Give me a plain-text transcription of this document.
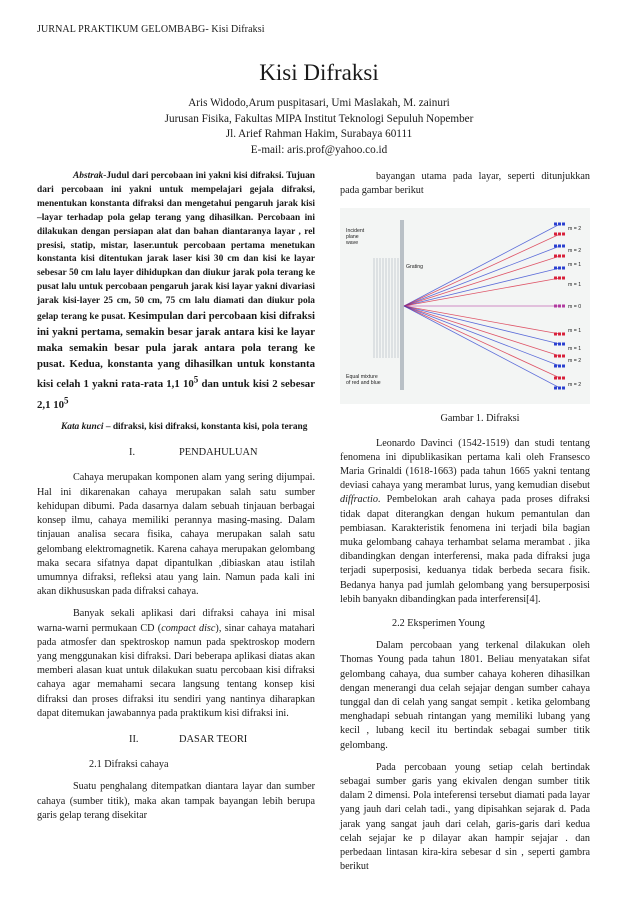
JURNAL PRAKTIKUM GELOMBABG- Kisi Difraksi
Kisi Difraksi
Aris Widodo,Arum puspitasari, Umi Maslakah, M. zainuri
Jurusan Fisika, Fakultas MIPA Institut Teknologi Sepuluh Nopember
Jl. Arief Rahman Hakim, Surabaya 60111
E-mail: aris.prof@yahoo.co.id

Abstrak-Judul dari percobaan ini yakni kisi difraksi. Tujuan dari percobaan ini yakni untuk mempelajari gejala difraksi, menentukan konstanta difraksi dan mengetahui pengaruh jarak kisi –layar terhadap pola gelap terang yang dihasilkan. Percobaan ini dilakukan dengan persiapan alat dan bahan diantaranya layar , rel presisi, statip, mistar, laser.untuk percobaan pertama menetukan konstanta kisi ditentukan jarak laser kisi 30 cm dan kisi ke layar sebesar 50 cm lalu layer dihidupkan dan diukur jarak pola terang ke pusat lalu untuk percobaan pengaruh jarak kisi layar yakni divariasi jarak kisi-layer 25 cm, 50 cm, 75 cm lalu diamati dan diukur pola gelap terang ke pusat. Kesimpulan dari percobaan kisi difraksi ini yakni pertama, semakin besar jarak antara kisi ke layar maka semakin besar pula jarak antara pola terang ke pusat. Kedua, konstanta yang dihasilkan untuk konstanta kisi celah 1 yakni rata-rata 1,1 $10^5$ dan untuk kisi 2 sebesar 2,1 $10^5$

Kata kunci – difraksi, kisi difraksi, konstanta kisi, pola terang

I.	PENDAHULUAN

Cahaya merupakan komponen alam yang sering dijumpai. Hal ini dikarenakan cahaya merupakan salah satu sumber kehidupan dibumi. Pada dasarnya dalam sebuah tinjauan berbagai konsep ilmu, cahaya memiliki perannya masing-masing. Dalam tinjauan analisa secara fisika, cahaya merupakan salah satu gelombang elektromagnetik. Karena cahaya merupakan gelombang maka secara sifatnya dapat dipantulkan ,dibiaskan atau istilah umumnya difraksi, refleksi atau yang lain. Namun pada kali ini akan dikhususkan pada difraksi cahaya.

Banyak sekali aplikasi dari difraksi cahaya ini misal warna-warni permukaan CD (compact disc), sinar cahaya matahari pada atmosfer dan spektroskop namun pada spektroskop modern yang menggunakan kisi difraksi. Dari beberapa aplikasi diatas akan memberi alasan kuat untuk dilakukan suatu percobaan kisi difraksi cahaya agar memahami secara langsung tentang konsep kisi difraksi dan proses difraksi itu sendiri yang nantinya diharapkan dapat ditemukan jawabannya pada praktikum kisi difraksi ini.

II.	DASAR TEORI

2.1 Difraksi cahaya

Suatu penghalang ditempatkan diantara layar dan sumber cahaya (sumber titik), maka akan tampak bayangan lebih berupa garis gelap terang disekitar

bayangan utama pada layar, seperti ditunjukkan pada gambar berikut

m = 2
m = 2
m = 1
m = 1
m = 0
m = 1
m = 1
m = 2
m = 2
Incident plane wave
Grating
Equal mixture of red and blue

Gambar 1. Difraksi

Leonardo Davinci (1542-1519) dan studi tentang fenomena ini dipublikasikan pertama kali oleh Fransesco Maria Grinaldi (1618-1663) pada tahun 1665 yakni tentang deviasi cahaya yang merambat lurus, yang kemudian disebut diffractio. Pembelokan arah cahaya pada proses difraksi tidak dapat diterangkan dengan hukum pemantulan dan pembiasan. Karakteristik fenomena ini terjadi bila bagian muka gelombang cahaya terhambat selama merambat . jika dibandingkan dengan interferensi, maka pada difraksi juga terjadi superposisi, keduanya tidak berbeda secara fisik. Bedanya hanya pad jumlah gelombang yang bersuperposisi lebih banyakn dibandingkan pada interferensi[4].

2.2 Eksperimen Young

Dalam percobaan yang terkenal dilakukan oleh Thomas Young pada tahun 1801. Beliau menyatakan sifat gelombang cahaya, dua sumber cahaya koheren dihasilkan dengan menerangi dua celah sejajar dengan sumber cahaya tunggal dan di celah yang sangat sempit . ketika gelombang menghadapi sebuah rintangan yang memiliki lubang yang kecil , lubang kecil itu bertindak sebagai sumber titik gelombang.

Pada percobaan young setiap celah bertindak sebagai sumber garis yang ekivalen dengan sumber titik dalam 2 dimensi. Pola inteferensi tersebut diamati pada layar yang jauh dari celah tadi., yang dipisahkan sejarak d. Pada jarak yang sangat jauh dari celah, garis-garis dari kedua celah sejajar ke p dilayar akan hampir sejajar . dan perbedaan lintasan kira-kira sebesar d sin , seperti gambra berikut
